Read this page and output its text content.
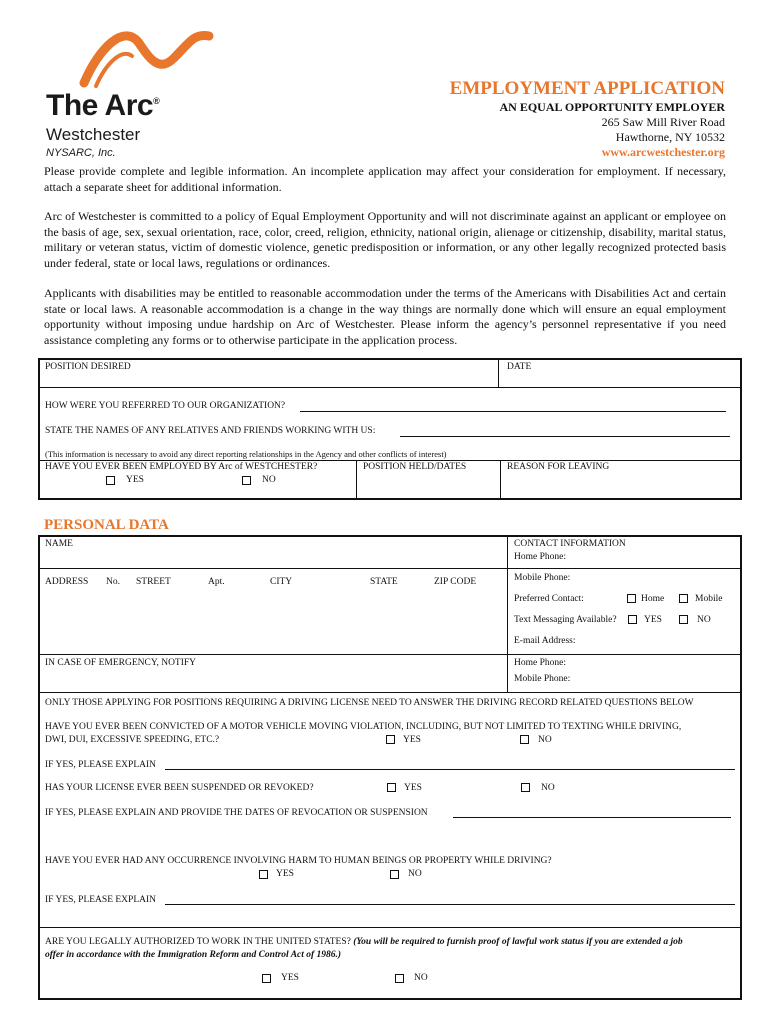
The Arc®
Westchester
NYSARC, Inc.
EMPLOYMENT APPLICATION
AN EQUAL OPPORTUNITY EMPLOYER
265 Saw Mill River Road
Hawthorne, NY 10532
www.arcwestchester.org

Please provide complete and legible information. An incomplete application may affect your consideration for employment. If necessary, attach a separate sheet for additional information.

Arc of Westchester is committed to a policy of Equal Employment Opportunity and will not discriminate against an applicant or employee on the basis of age, sex, sexual orientation, race, color, creed, religion, ethnicity, national origin, alienage or citizenship, disability, marital status, military or veteran status, victim of domestic violence, genetic predisposition or information, or any other legally recognized protected basis under federal, state or local laws, regulations or ordinances.

Applicants with disabilities may be entitled to reasonable accommodation under the terms of the Americans with Disabilities Act and certain state or local laws. A reasonable accommodation is a change in the way things are normally done which will ensure an equal employment opportunity without imposing undue hardship on Arc of Westchester. Please inform the agency’s personnel representative if you need assistance completing any forms or to otherwise participate in the application process.

POSITION DESIRED	DATE
HOW WERE YOU REFERRED TO OUR ORGANIZATION?
STATE THE NAMES OF ANY RELATIVES AND FRIENDS WORKING WITH US:
(This information is necessary to avoid any direct reporting relationships in the Agency and other conflicts of interest)
HAVE YOU EVER BEEN EMPLOYED BY Arc of WESTCHESTER?	POSITION HELD/DATES	REASON FOR LEAVING
YES	NO
PERSONAL DATA
NAME	CONTACT INFORMATION
Home Phone:
ADDRESS No. STREET	Apt.	CITY	STATE	ZIP CODE	Mobile Phone:
Preferred Contact:	Home	Mobile
Text Messaging Available?	YES	NO
E-mail Address:
IN CASE OF EMERGENCY, NOTIFY	Home Phone:
Mobile Phone:
ONLY THOSE APPLYING FOR POSITIONS REQUIRING A DRIVING LICENSE NEED TO ANSWER THE DRIVING RECORD RELATED QUESTIONS BELOW
HAVE YOU EVER BEEN CONVICTED OF A MOTOR VEHICLE MOVING VIOLATION, INCLUDING, BUT NOT LIMITED TO TEXTING WHILE DRIVING,
DWI, DUI, EXCESSIVE SPEEDING, ETC.?	YES	NO
IF YES, PLEASE EXPLAIN
HAS YOUR LICENSE EVER BEEN SUSPENDED OR REVOKED?	YES	NO
IF YES, PLEASE EXPLAIN AND PROVIDE THE DATES OF REVOCATION OR SUSPENSION
HAVE YOU EVER HAD ANY OCCURRENCE INVOLVING HARM TO HUMAN BEINGS OR PROPERTY WHILE DRIVING?
YES	NO
IF YES, PLEASE EXPLAIN
ARE YOU LEGALLY AUTHORIZED TO WORK IN THE UNITED STATES? (You will be required to furnish proof of lawful work status if you are extended a job
offer in accordance with the Immigration Reform and Control Act of 1986.)
YES	NO
